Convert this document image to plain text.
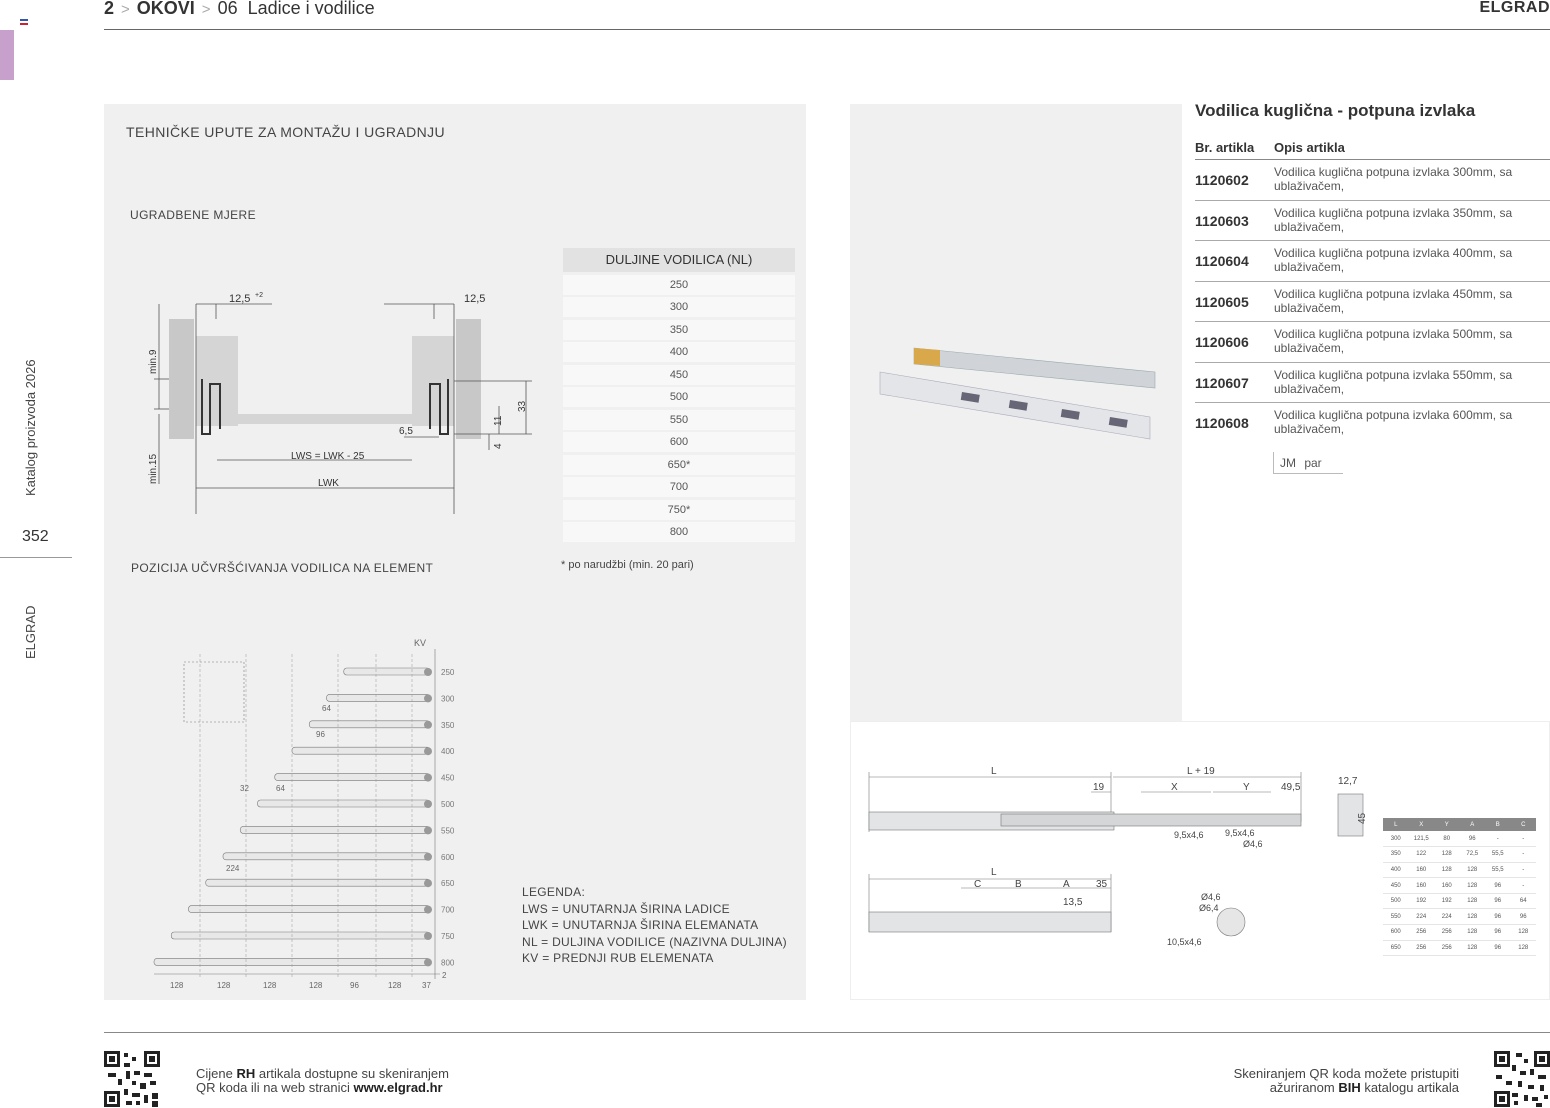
2 > OKOVI > 06 Ladice i vodilice	ELGRAD
Katalog proizvoda 2026
352
ELGRAD
TEHNIČKE UPUTE ZA MONTAŽU I UGRADNJU
UGRADBENE MJERE
POZICIJA UČVRŠĆIVANJA VODILICA NA ELEMENT
DULJINE VODILICA (NL)
250
300
350
400
450
500
550
600
650*
700
750*
800
* po narudžbi (min. 20 pari)
LEGENDA:
LWS = UNUTARNJA ŠIRINA LADICE
LWK = UNUTARNJA ŠIRINA ELEMANATA
NL = DULJINA VODILICE (NAZIVNA DULJINA)
KV = PREDNJI RUB ELEMENATA
12,5 +2	12,5
min.9
min.15
33
11
4
6,5
LWS = LWK - 25
LWK
KV
250
300
350
400
450
500
550
600
650
700
750
800
128	128	128	128	96	128	37
64
96
32	64
224
2
L	L + 19
19	X	Y	49,5
12,7
45
9,5x4,6 9,5x4,6
Ø4,6
L
C	B	A	35
13,5	Ø4,6
Ø6,4
10,5x4,6
L	X	Y	A	B	C
300	121,5	80	96	-	-
350	122	128	72,5	55,5	-
400	160	128	128	55,5	-
450	160	160	128	96	-
500	192	192	128	96	64
550	224	224	128	96	96
600	256	256	128	96	128
650	256	256	128	96	128
Vodilica kuglična - potpuna izvlaka
Br. artikla Opis artikla
1120602 Vodilica kuglična potpuna izvlaka 300mm, sa ublaživačem,
1120603 Vodilica kuglična potpuna izvlaka 350mm, sa ublaživačem,
1120604 Vodilica kuglična potpuna izvlaka 400mm, sa ublaživačem,
1120605 Vodilica kuglična potpuna izvlaka 450mm, sa ublaživačem,
1120606 Vodilica kuglična potpuna izvlaka 500mm, sa ublaživačem,
1120607 Vodilica kuglična potpuna izvlaka 550mm, sa ublaživačem,
1120608 Vodilica kuglična potpuna izvlaka 600mm, sa ublaživačem,
JM par
Cijene RH artikala dostupne su skeniranjem
QR koda ili na web stranici www.elgrad.hr
Skeniranjem QR koda možete pristupiti
ažuriranom BIH katalogu artikala
